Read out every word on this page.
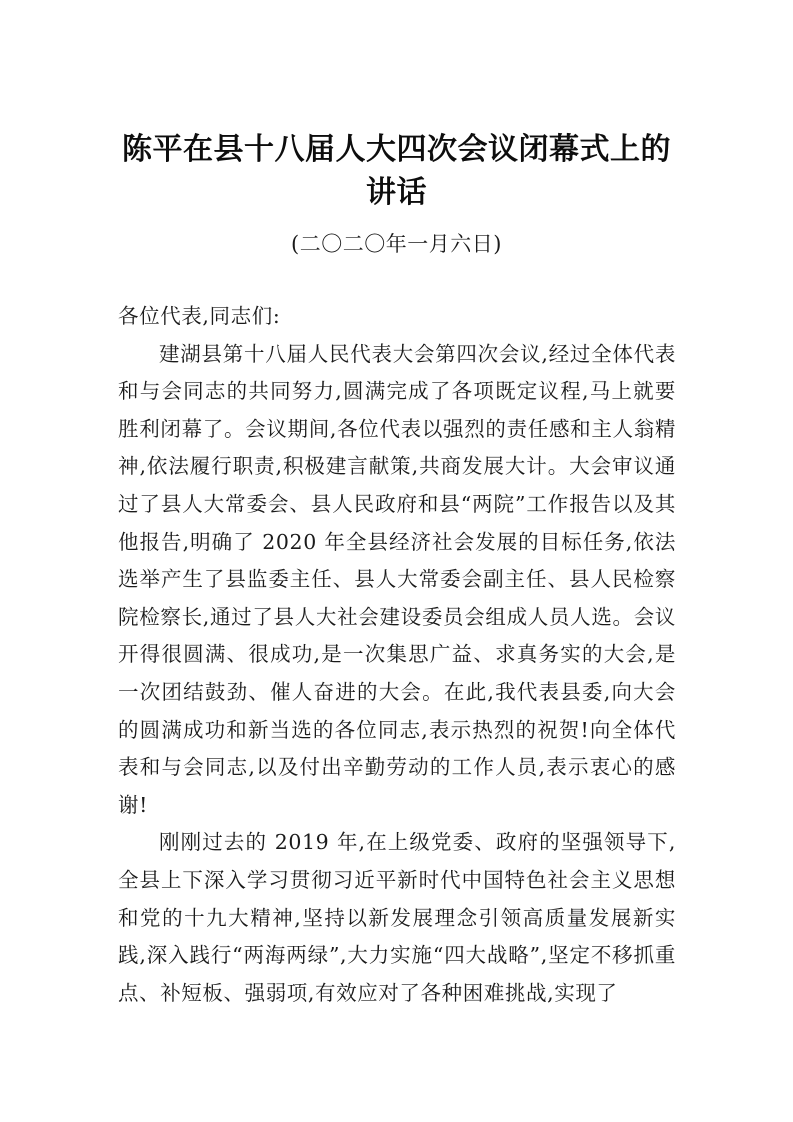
陈平在县十八届人大四次会议闭幕式上的
讲话
(二〇二〇年一月六日)

各位代表,同志们:

建湖县第十八届人民代表大会第四次会议,经过全体代表和与会同志的共同努力,圆满完成了各项既定议程,马上就要胜利闭幕了。会议期间,各位代表以强烈的责任感和主人翁精神,依法履行职责,积极建言献策,共商发展大计。大会审议通过了县人大常委会、县人民政府和县“两院”工作报告以及其他报告,明确了 2020 年全县经济社会发展的目标任务,依法选举产生了县监委主任、县人大常委会副主任、县人民检察院检察长,通过了县人大社会建设委员会组成人员人选。会议开得很圆满、很成功,是一次集思广益、求真务实的大会,是一次团结鼓劲、催人奋进的大会。在此,我代表县委,向大会的圆满成功和新当选的各位同志,表示热烈的祝贺!向全体代表和与会同志,以及付出辛勤劳动的工作人员,表示衷心的感谢!

刚刚过去的 2019 年,在上级党委、政府的坚强领导下,全县上下深入学习贯彻习近平新时代中国特色社会主义思想和党的十九大精神,坚持以新发展理念引领高质量发展新实践,深入践行“两海两绿”,大力实施“四大战略”,坚定不移抓重点、补短板、强弱项,有效应对了各种困难挑战,实现了
